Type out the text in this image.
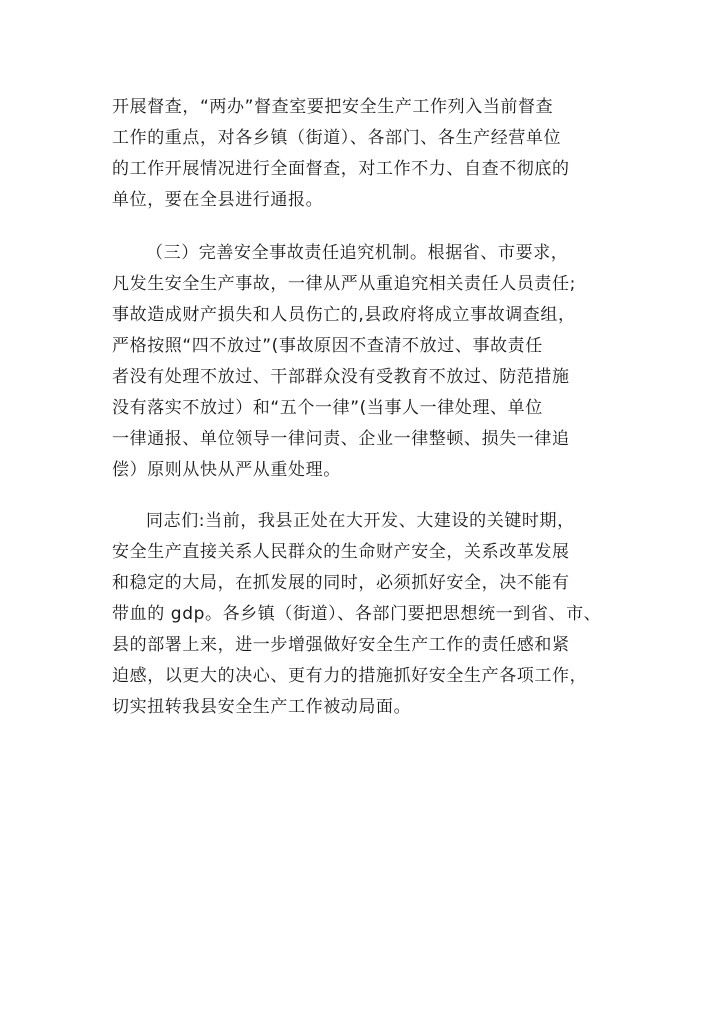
开展督查，“两办”督查室要把安全生产工作列入当前督查
工作的重点，对各乡镇（街道）、各部门、各生产经营单位
的工作开展情况进行全面督查，对工作不力、自查不彻底的
单位，要在全县进行通报。
（三）完善安全事故责任追究机制。根据省、市要求，
凡发生安全生产事故，一律从严从重追究相关责任人员责任;
事故造成财产损失和人员伤亡的,县政府将成立事故调查组，
严格按照“四不放过”(事故原因不查清不放过、事故责任
者没有处理不放过、干部群众没有受教育不放过、防范措施
没有落实不放过）和“五个一律”(当事人一律处理、单位
一律通报、单位领导一律问责、企业一律整顿、损失一律追
偿）原则从快从严从重处理。
同志们:当前，我县正处在大开发、大建设的关键时期，
安全生产直接关系人民群众的生命财产安全，关系改革发展
和稳定的大局，在抓发展的同时，必须抓好安全，决不能有
带血的 gdp。各乡镇（街道）、各部门要把思想统一到省、市、
县的部署上来，进一步增强做好安全生产工作的责任感和紧
迫感，以更大的决心、更有力的措施抓好安全生产各项工作，
切实扭转我县安全生产工作被动局面。
